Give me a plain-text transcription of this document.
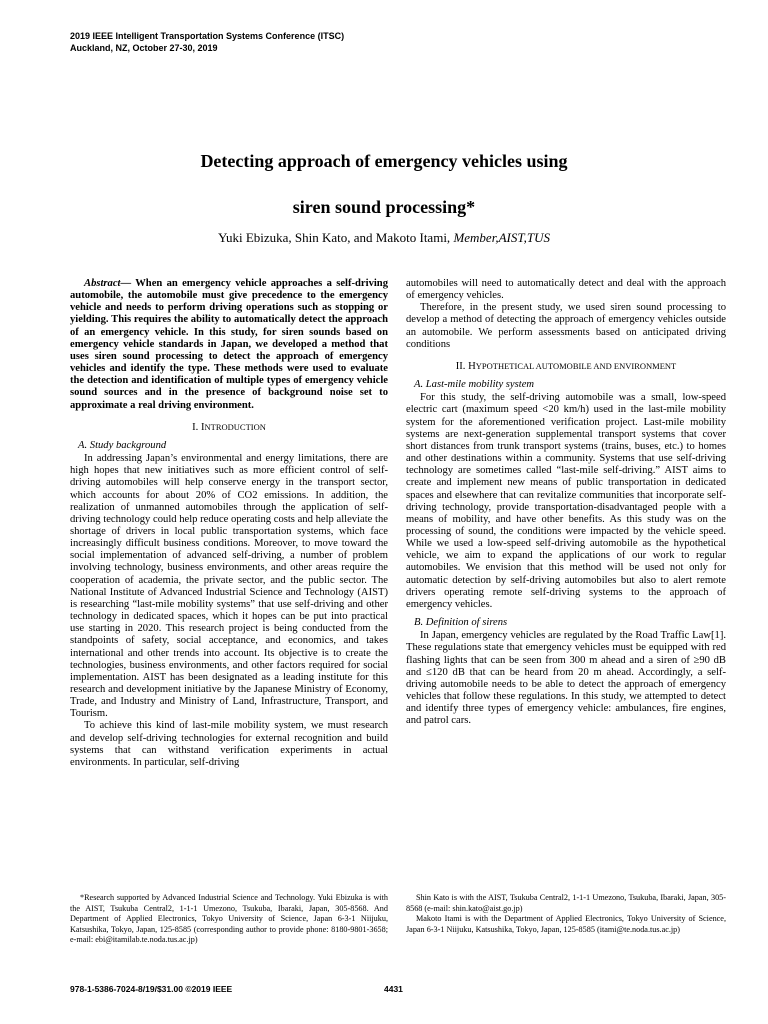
2019 IEEE Intelligent Transportation Systems Conference (ITSC)
Auckland, NZ, October 27-30, 2019
Detecting approach of emergency vehicles using
siren sound processing*
Yuki Ebizuka, Shin Kato, and Makoto Itami, Member,AIST,TUS

Abstract— When an emergency vehicle approaches a self-driving automobile, the automobile must give precedence to the emergency vehicle and needs to perform driving operations such as stopping or yielding. This requires the ability to automatically detect the approach of an emergency vehicle. In this study, for siren sounds based on emergency vehicle standards in Japan, we developed a method that uses siren sound processing to detect the approach of emergency vehicles and identify the type. These methods were used to evaluate the detection and identification of multiple types of emergency vehicle sound sources and in the presence of background noise set to approximate a real driving environment.

I. INTRODUCTION
A. Study background

In addressing Japan’s environmental and energy limitations, there are high hopes that new initiatives such as more efficient control of self-driving automobiles will help conserve energy in the transport sector, which accounts for about 20% of CO2 emissions. In addition, the realization of unmanned automobiles through the application of self-driving technology could help reduce operating costs and help alleviate the shortage of drivers in local public transportation systems, which face increasingly difficult business conditions. Moreover, to move toward the social implementation of advanced self-driving, a number of problem involving technology, business environments, and other areas require the cooperation of academia, the private sector, and the public sector. The National Institute of Advanced Industrial Science and Technology (AIST) is researching “last-mile mobility systems” that use self-driving and other technology in dedicated spaces, which it hopes can be put into practical use starting in 2020. This research project is being conducted from the standpoints of safety, social acceptance, and economics, and takes international and other trends into account. Its objective is to create the technologies, business environments, and other factors required for social implementation. AIST has been designated as a leading institute for this research and development initiative by the Japanese Ministry of Economy, Trade, and Industry and Ministry of Land, Infrastructure, Transport, and Tourism.

To achieve this kind of last-mile mobility system, we must research and develop self-driving technologies for external recognition and build systems that can withstand verification experiments in actual environments. In particular, self-driving

automobiles will need to automatically detect and deal with the approach of emergency vehicles.

Therefore, in the present study, we used siren sound processing to develop a method of detecting the approach of emergency vehicles outside an automobile. We perform assessments based on anticipated driving conditions

II. HYPOTHETICAL AUTOMOBILE AND ENVIRONMENT
A. Last-mile mobility system

For this study, the self-driving automobile was a small, low-speed electric cart (maximum speed <20 km/h) used in the last-mile mobility system for the aforementioned verification project. Last-mile mobility systems are next-generation supplemental transport systems that cover short distances from trunk transport systems (trains, buses, etc.) to homes and other destinations within a community. Systems that use self-driving technology are sometimes called “last-mile self-driving.” AIST aims to create and implement new means of public transportation in dedicated spaces and elsewhere that can revitalize communities that incorporate self-driving technology, provide transportation-disadvantaged people with a means of mobility, and have other benefits. As this study was on the processing of sound, the conditions were impacted by the vehicle speed. While we used a low-speed self-driving automobile as the hypothetical vehicle, we aim to expand the applications of our work to regular automobiles. We envision that this method will be used not only for automatic detection by self-driving automobiles but also to alert remote drivers operating remote self-driving systems to the approach of emergency vehicles.

B. Definition of sirens

In Japan, emergency vehicles are regulated by the Road Traffic Law[1]. These regulations state that emergency vehicles must be equipped with red flashing lights that can be seen from 300 m ahead and a siren of ≥90 dB and ≤120 dB that can be heard from 20 m ahead. Accordingly, a self-driving automobile needs to be able to detect the approach of emergency vehicles that follow these regulations. In this study, we attempted to detect and identify three types of emergency vehicle: ambulances, fire engines, and patrol cars.

*Research supported by Advanced Industrial Science and Technology. Yuki Ebizuka is with the AIST, Tsukuba Central2, 1-1-1 Umezono, Tsukuba, Ibaraki, Japan, 305-8568. And Department of Applied Electronics, Tokyo University of Science, Japan 6-3-1 Niijuku, Katsushika, Tokyo, Japan, 125-8585 (corresponding author to provide phone: 8180-9801-3658; e-mail: ebi@itamilab.te.noda.tus.ac.jp)

Shin Kato is with the AIST, Tsukuba Central2, 1-1-1 Umezono, Tsukuba, Ibaraki, Japan, 305-8568 (e-mail: shin.kato@aist.go.jp)

Makoto Itami is with the Department of Applied Electronics, Tokyo University of Science, Japan 6-3-1 Niijuku, Katsushika, Tokyo, Japan, 125-8585 (itami@te.noda.tus.ac.jp)

978-1-5386-7024-8/19/$31.00 ©2019 IEEE	4431
